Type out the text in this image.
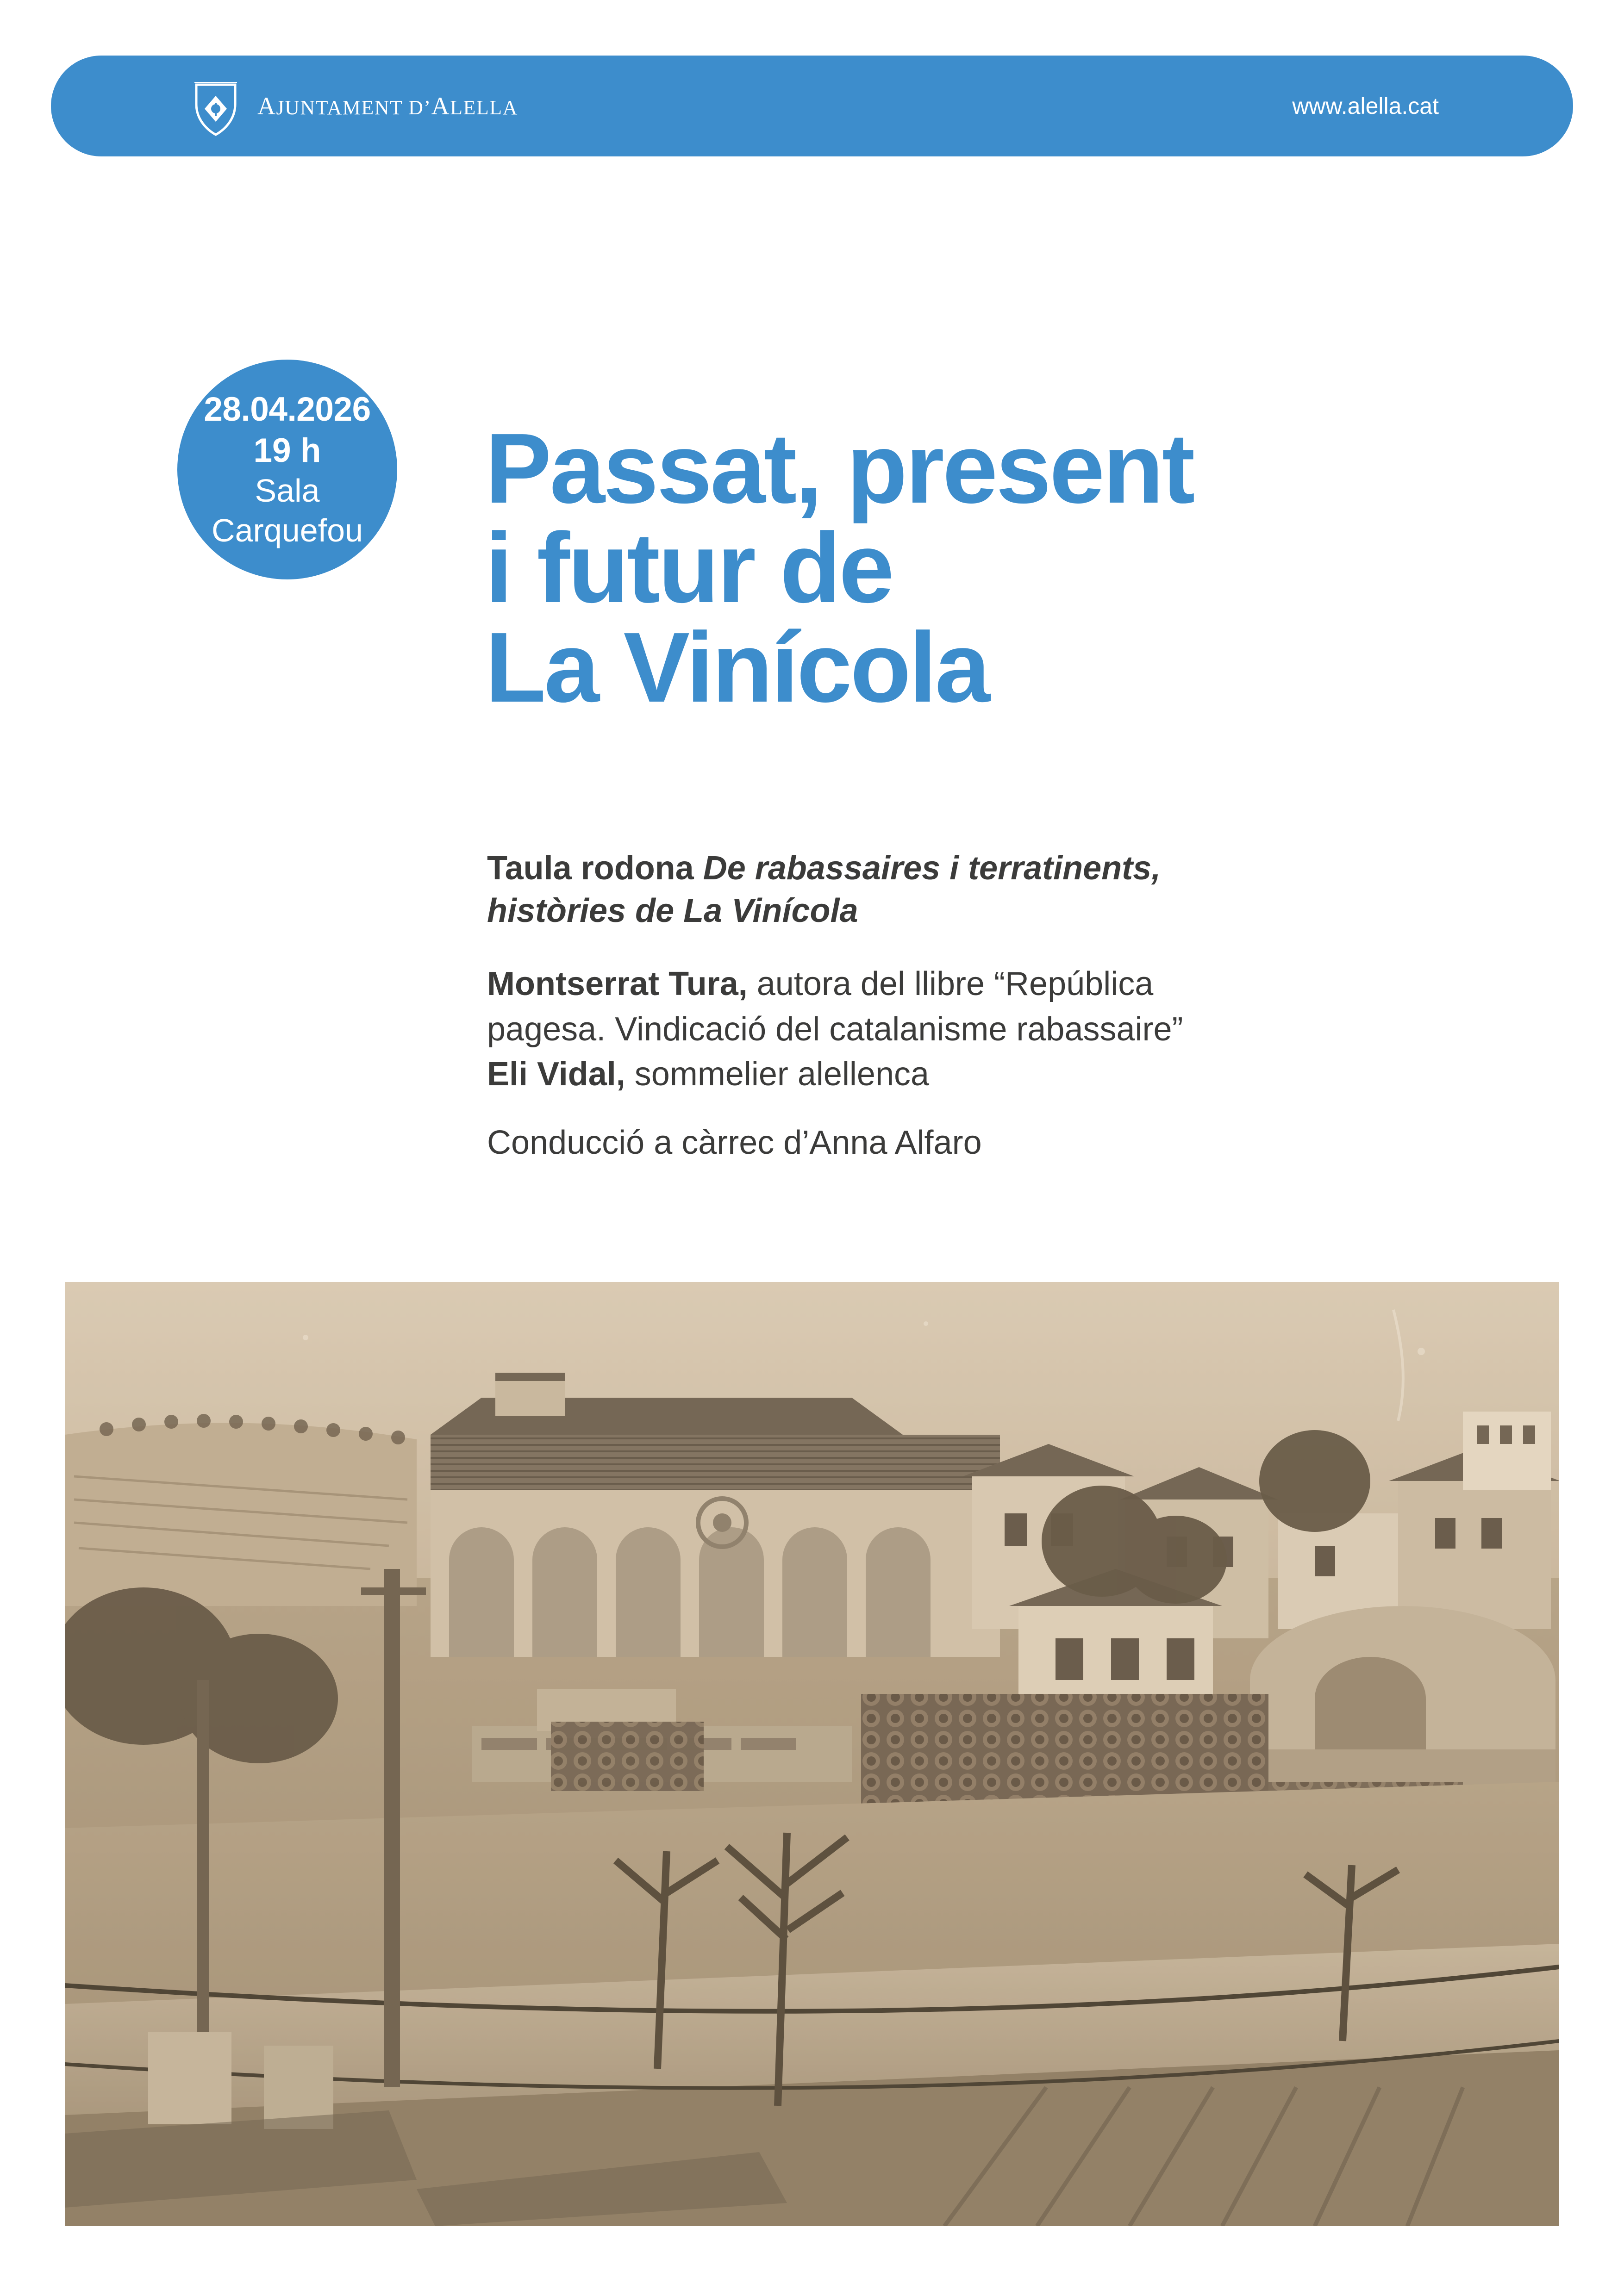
AJUNTAMENT D’ALELLA	www.alella.cat
28.04.2026
19 h
Sala Carquefou
Passat, present
i futur de
La Vinícola

Taula rodona De rabassaires i terratinents,
històries de La Vinícola

Montserrat Tura, autora del llibre “República
pagesa. Vindicació del catalanisme rabassaire”
Eli Vidal, sommelier alellenca

Conducció a càrrec d’Anna Alfaro
